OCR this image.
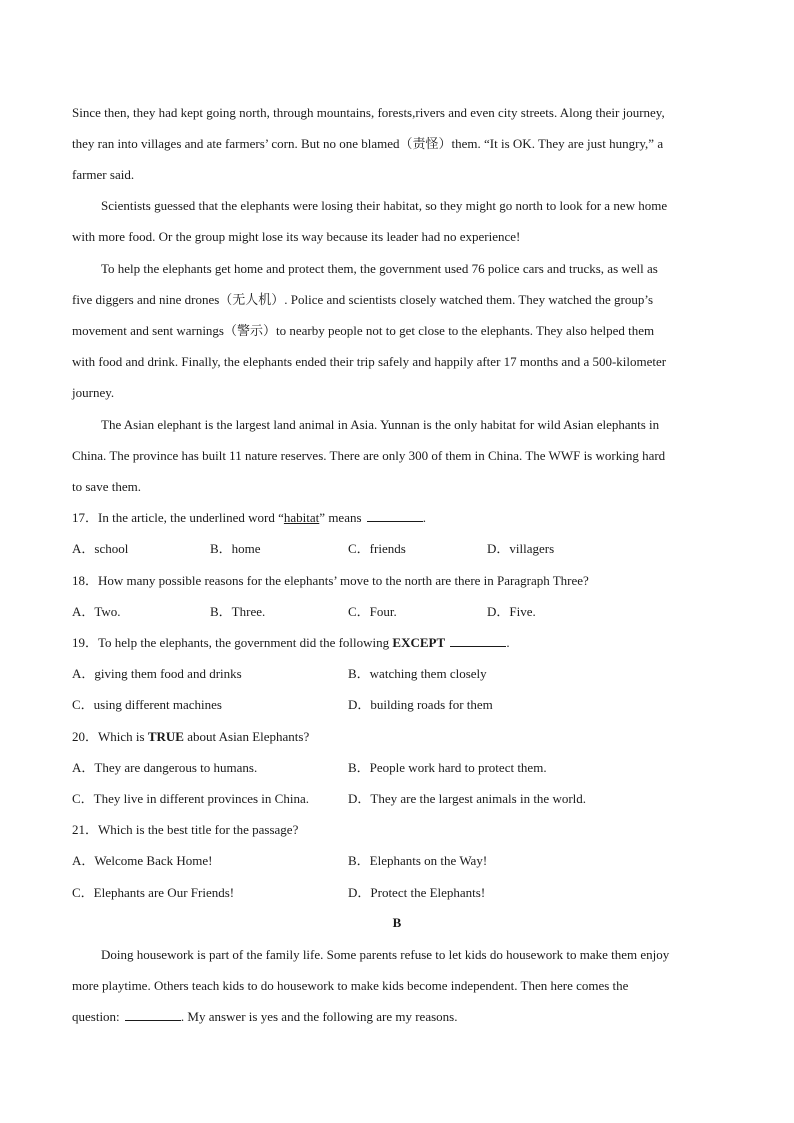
Since then, they had kept going north, through mountains, forests,rivers and even city streets. Along their journey,
they ran into villages and ate farmers’ corn. But no one blamed（责怪）them. “It is OK. They are just hungry,” a
farmer said.
Scientists guessed that the elephants were losing their habitat, so they might go north to look for a new home
with more food. Or the group might lose its way because its leader had no experience!
To help the elephants get home and protect them, the government used 76 police cars and trucks, as well as
five diggers and nine drones（无人机）. Police and scientists closely watched them. They watched the group’s
movement and sent warnings（警示）to nearby people not to get close to the elephants. They also helped them
with food and drink. Finally, the elephants ended their trip safely and happily after 17 months and a 500-kilometer
journey.
The Asian elephant is the largest land animal in Asia. Yunnan is the only habitat for wild Asian elephants in
China. The province has built 11 nature reserves. There are only 300 of them in China. The WWF is working hard
to save them.
17．In the article, the underlined word “habitat” means	.
A．school	B．home	C．friends	D．villagers
18．How many possible reasons for the elephants’ move to the north are there in Paragraph Three?
A．Two.	B．Three.	C．Four.	D．Five.
19．To help the elephants, the government did the following EXCEPT	.
A．giving them food and drinks	B．watching them closely
C．using different machines	D．building roads for them
20．Which is TRUE about Asian Elephants?
A．They are dangerous to humans.	B．People work hard to protect them.
C．They live in different provinces in China.	D．They are the largest animals in the world.
21．Which is the best title for the passage?
A．Welcome Back Home!	B．Elephants on the Way!
C．Elephants are Our Friends!	D．Protect the Elephants!
B
Doing housework is part of the family life. Some parents refuse to let kids do housework to make them enjoy
more playtime. Others teach kids to do housework to make kids become independent. Then here comes the
question:	. My answer is yes and the following are my reasons.
